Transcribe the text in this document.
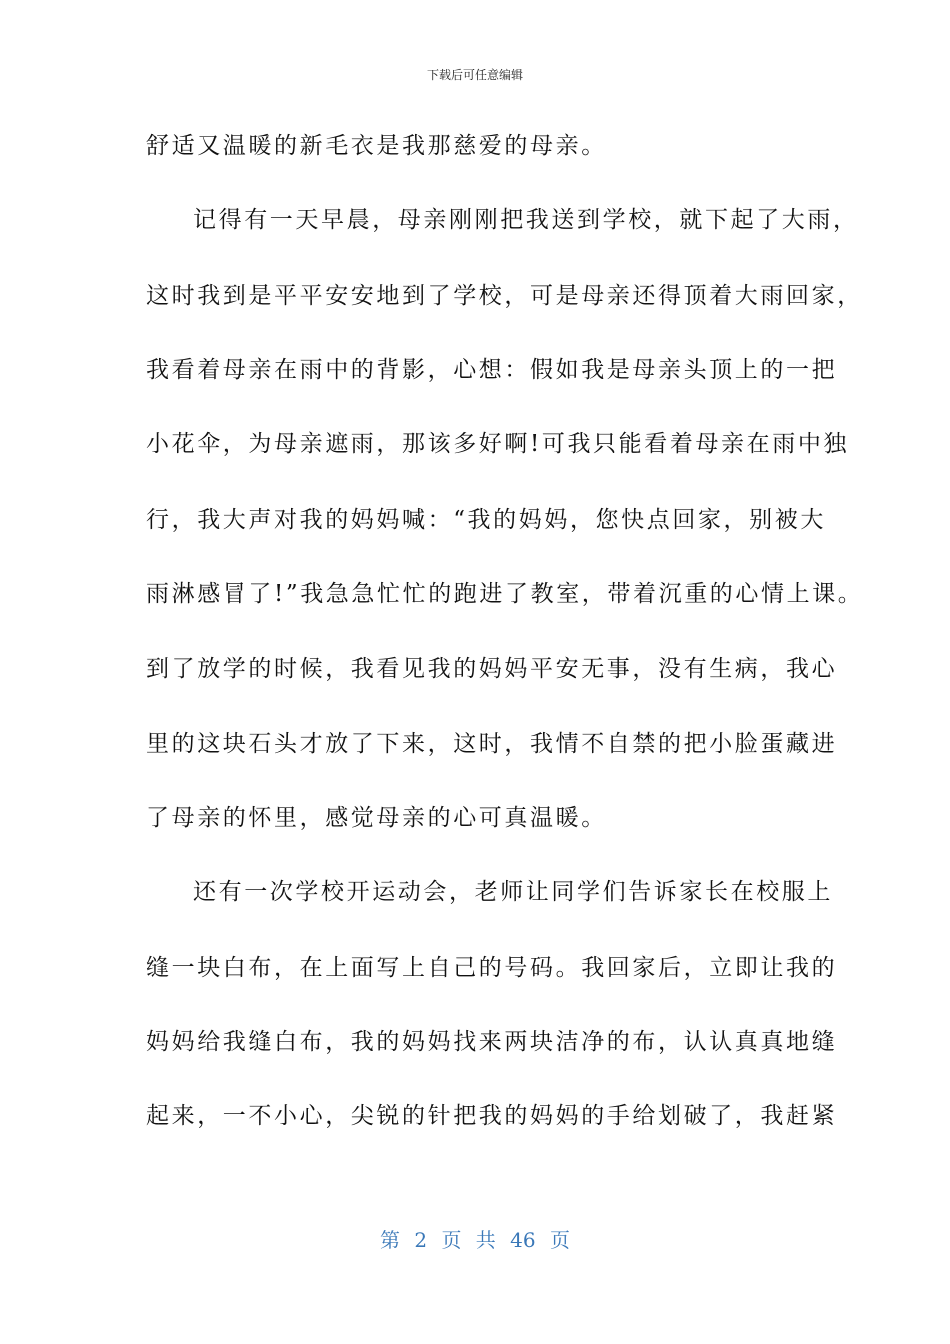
下载后可任意编辑
舒适又温暖的新毛衣是我那慈爱的母亲。
记得有一天早晨，母亲刚刚把我送到学校，就下起了大雨，
这时我到是平平安安地到了学校，可是母亲还得顶着大雨回家，
我看着母亲在雨中的背影，心想：假如我是母亲头顶上的一把
小花伞，为母亲遮雨，那该多好啊!可我只能看着母亲在雨中独
行，我大声对我的妈妈喊：“我的妈妈，您快点回家，别被大
雨淋感冒了!”我急急忙忙的跑进了教室，带着沉重的心情上课。
到了放学的时候，我看见我的妈妈平安无事，没有生病，我心
里的这块石头才放了下来，这时，我情不自禁的把小脸蛋藏进
了母亲的怀里，感觉母亲的心可真温暖。
还有一次学校开运动会，老师让同学们告诉家长在校服上
缝一块白布，在上面写上自己的号码。我回家后，立即让我的
妈妈给我缝白布，我的妈妈找来两块洁净的布，认认真真地缝
起来，一不小心，尖锐的针把我的妈妈的手给划破了，我赶紧
第 2 页 共 46 页
